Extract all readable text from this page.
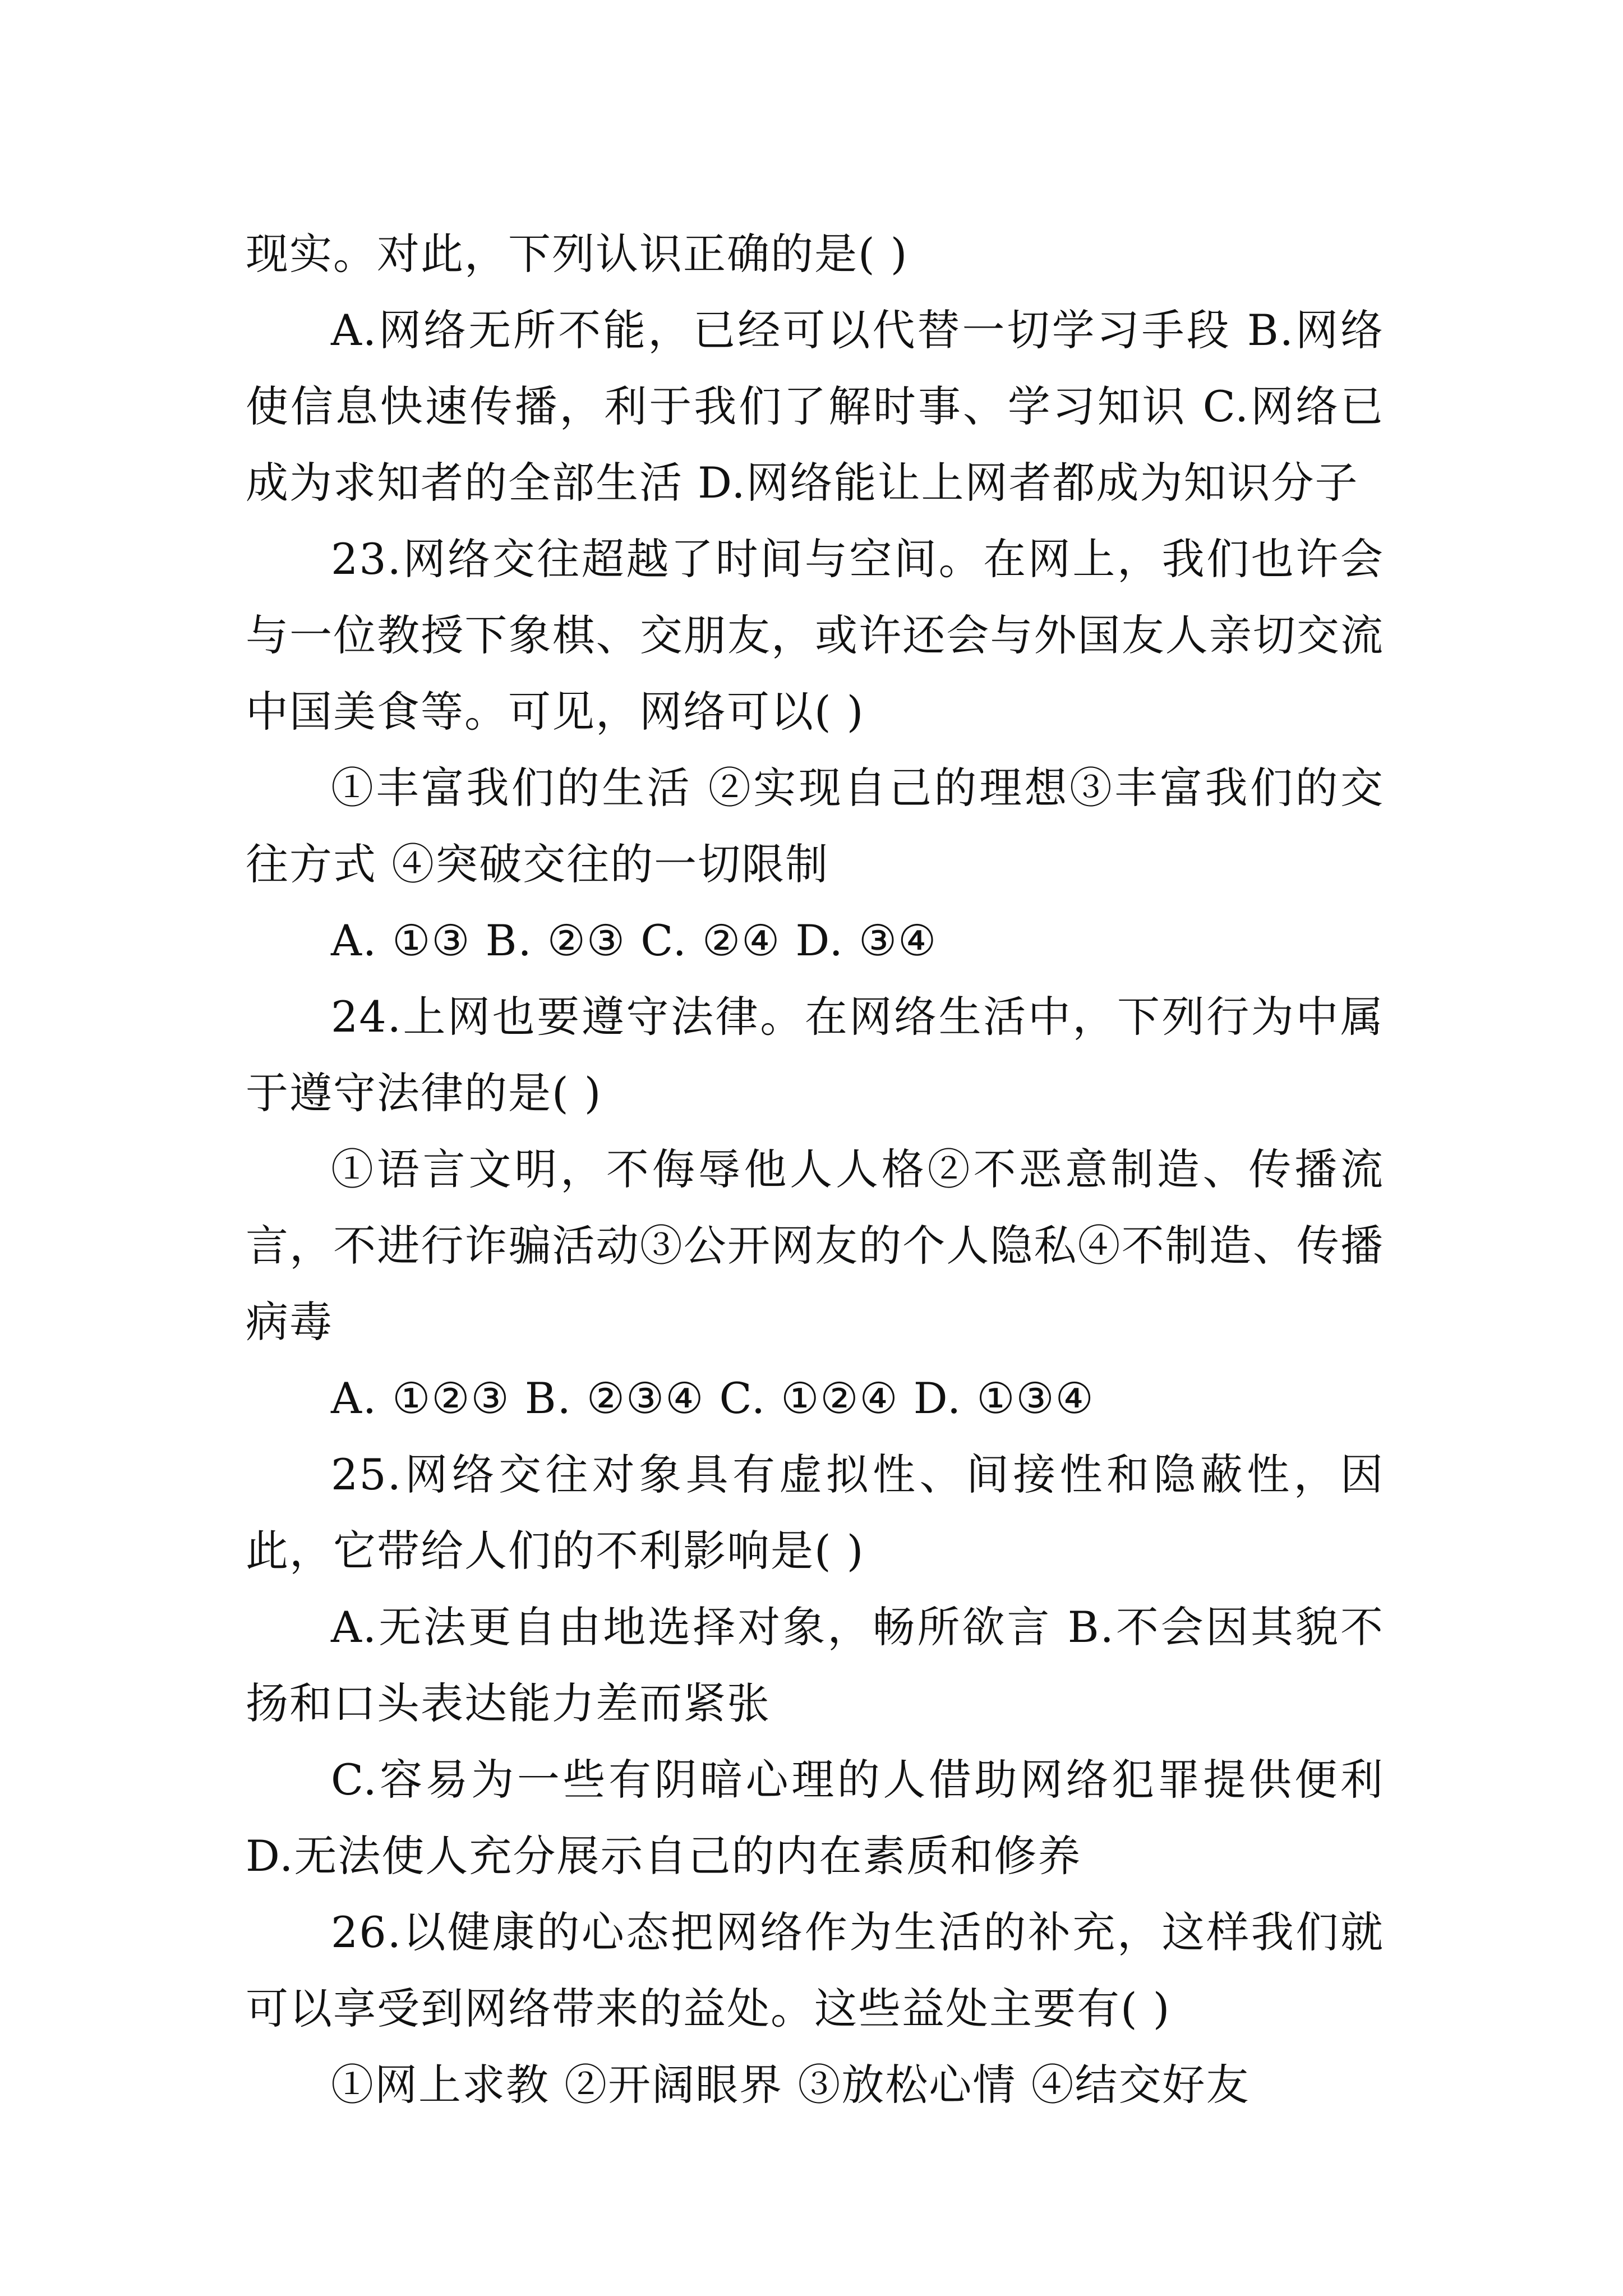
现实。对此，下列认识正确的是( )

A.网络无所不能，已经可以代替一切学习手段 B.网络使信息快速传播，利于我们了解时事、学习知识 C.网络已成为求知者的全部生活 D.网络能让上网者都成为知识分子

23.网络交往超越了时间与空间。在网上，我们也许会与一位教授下象棋、交朋友，或许还会与外国友人亲切交流中国美食等。可见，网络可以( )

①丰富我们的生活 ②实现自己的理想③丰富我们的交往方式 ④突破交往的一切限制

A. ①③ B. ②③ C. ②④ D. ③④

24.上网也要遵守法律。在网络生活中，下列行为中属于遵守法律的是( )

①语言文明，不侮辱他人人格②不恶意制造、传播流言，不进行诈骗活动③公开网友的个人隐私④不制造、传播病毒

A. ①②③ B. ②③④ C. ①②④ D. ①③④

25.网络交往对象具有虚拟性、间接性和隐蔽性，因此，它带给人们的不利影响是( )

A.无法更自由地选择对象，畅所欲言 B.不会因其貌不扬和口头表达能力差而紧张

C.容易为一些有阴暗心理的人借助网络犯罪提供便利 D.无法使人充分展示自己的内在素质和修养

26.以健康的心态把网络作为生活的补充，这样我们就可以享受到网络带来的益处。这些益处主要有( )

①网上求教 ②开阔眼界 ③放松心情 ④结交好友
